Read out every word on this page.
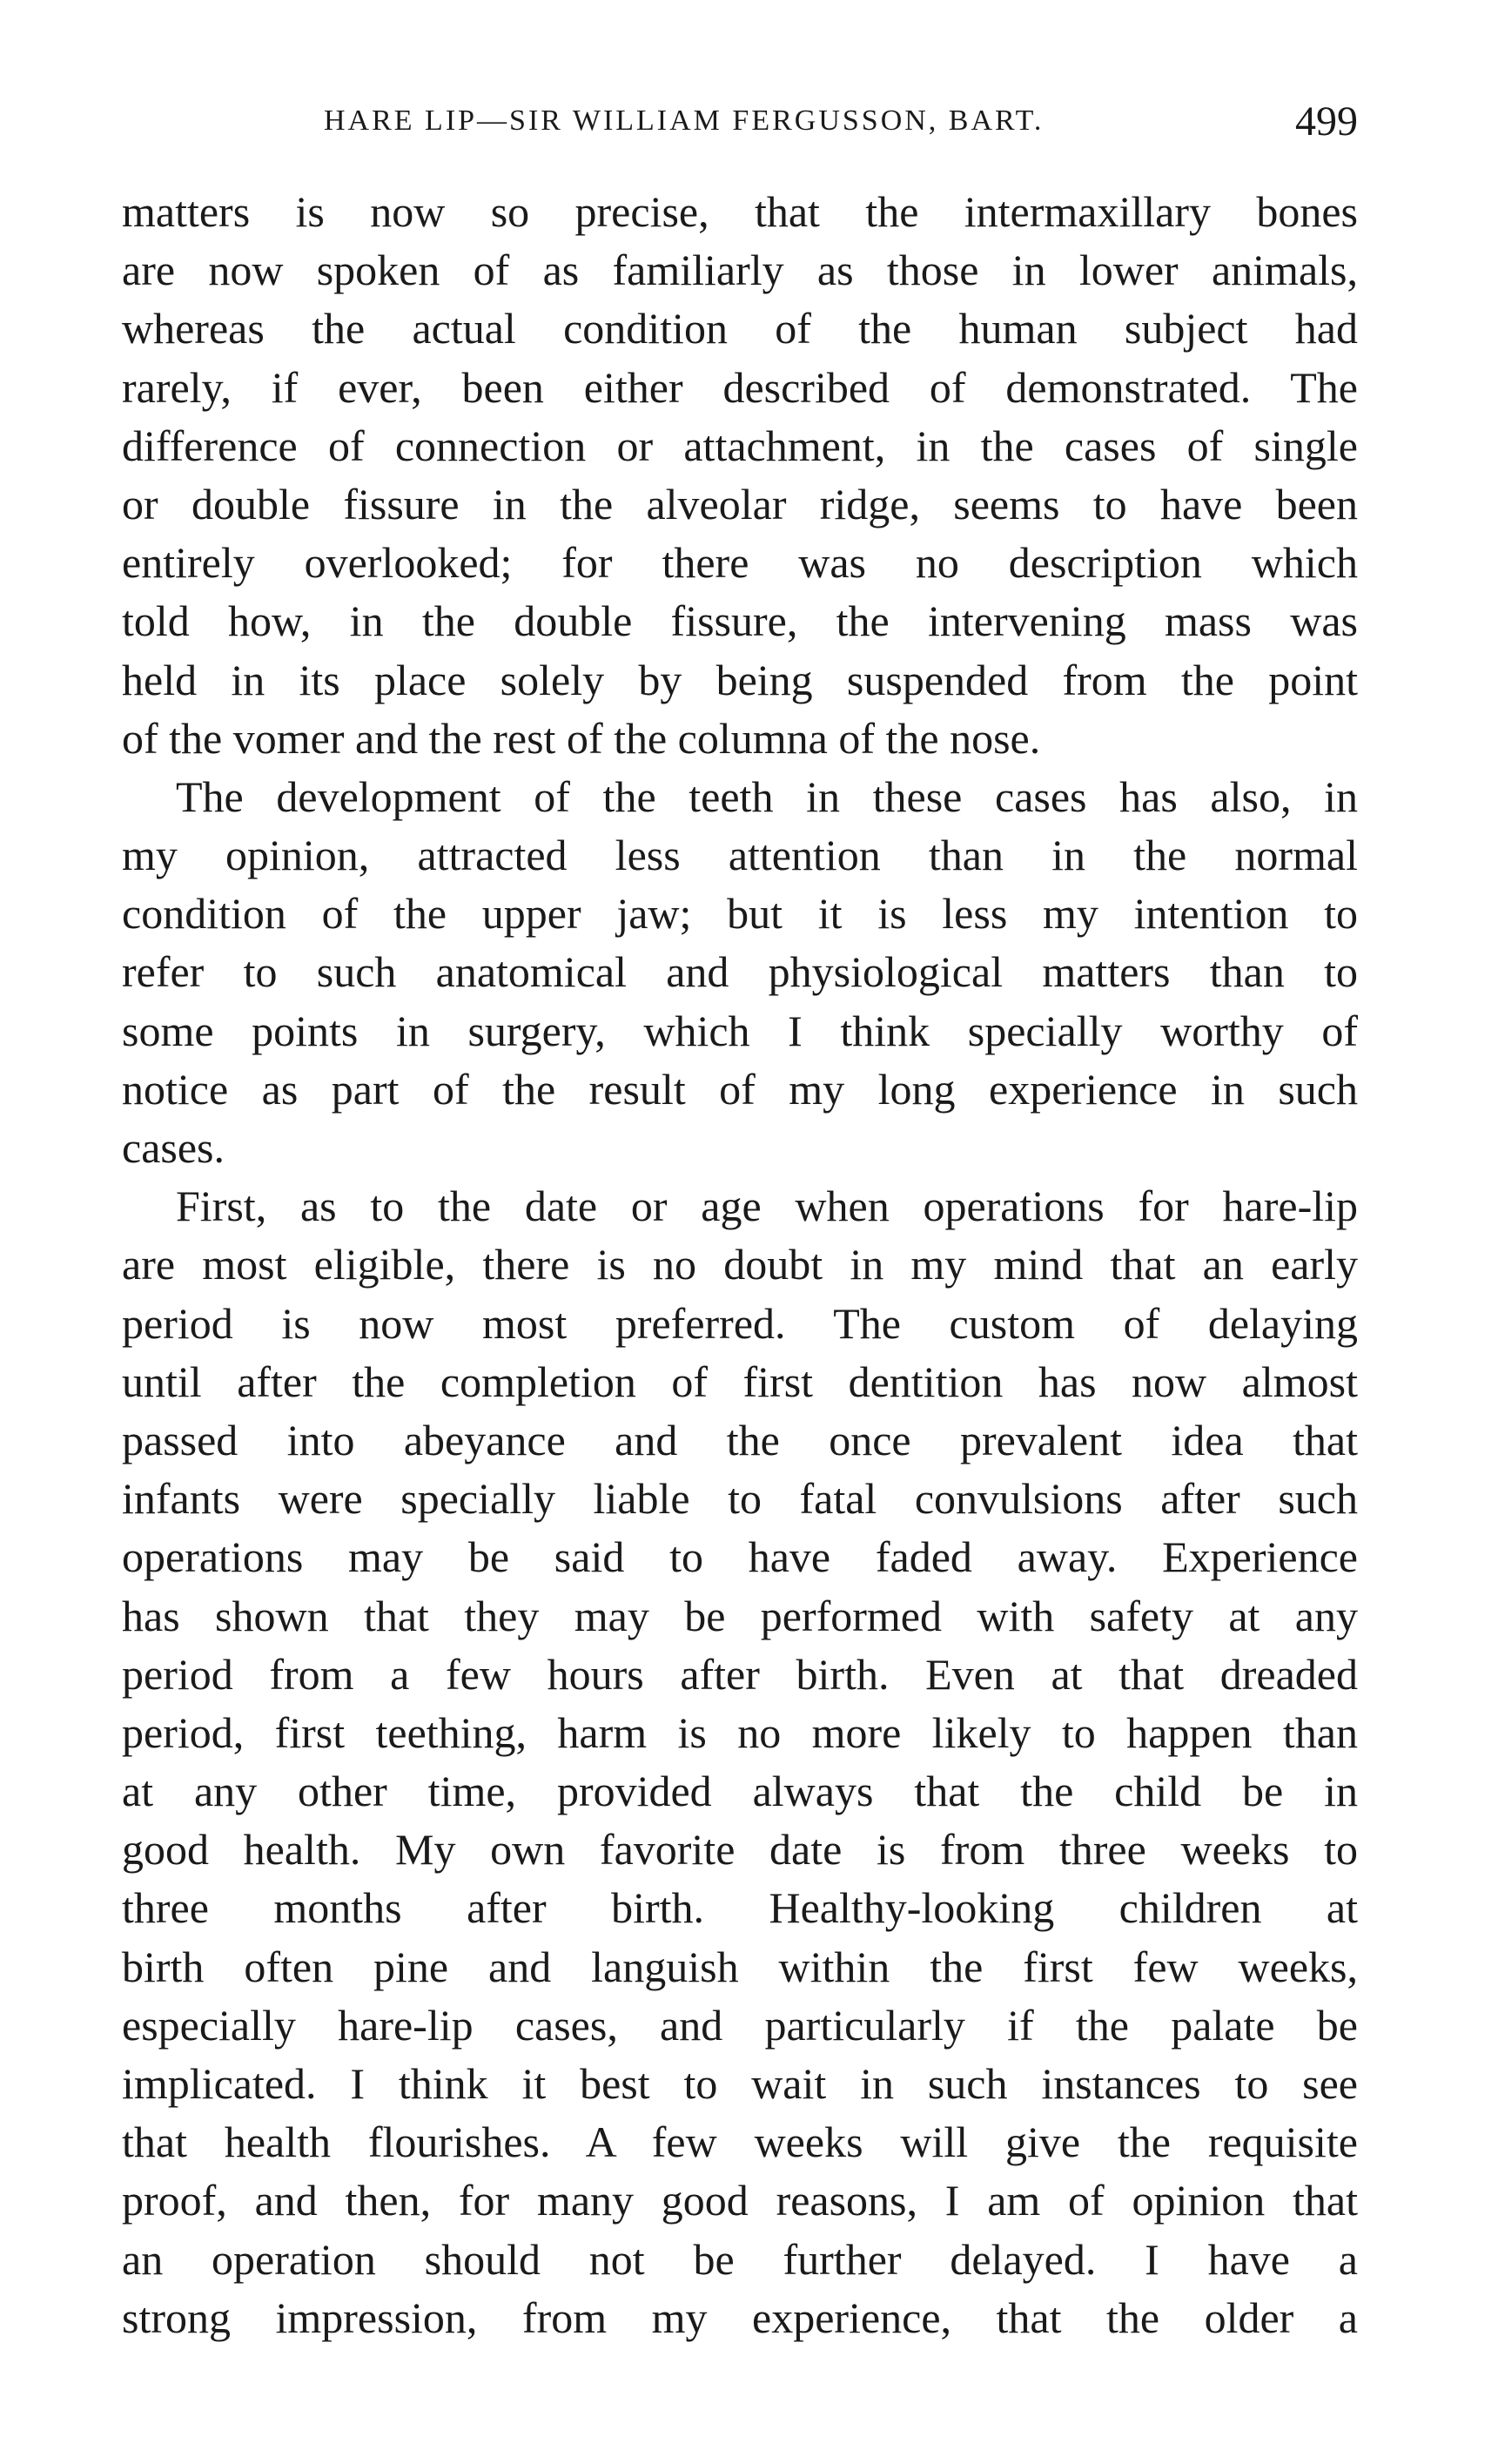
HARE LIP—SIR WILLIAM FERGUSSON, BART.	499
matters is now so precise, that the intermaxillary bones
are now spoken of as familiarly as those in lower animals,
whereas the actual condition of the human subject had
rarely, if ever, been either described of demonstrated. The
difference of connection or attachment, in the cases of single
or double fissure in the alveolar ridge, seems to have been
entirely overlooked; for there was no description which
told how, in the double fissure, the intervening mass was
held in its place solely by being suspended from the point
of the vomer and the rest of the columna of the nose.
The development of the teeth in these cases has also, in
my opinion, attracted less attention than in the normal
condition of the upper jaw; but it is less my intention to
refer to such anatomical and physiological matters than to
some points in surgery, which I think specially worthy of
notice as part of the result of my long experience in such
cases.
First, as to the date or age when operations for hare-lip
are most eligible, there is no doubt in my mind that an early
period is now most preferred. The custom of delaying
until after the completion of first dentition has now almost
passed into abeyance and the once prevalent idea that
infants were specially liable to fatal convulsions after such
operations may be said to have faded away. Experience
has shown that they may be performed with safety at any
period from a few hours after birth. Even at that dreaded
period, first teething, harm is no more likely to happen than
at any other time, provided always that the child be in
good health. My own favorite date is from three weeks to
three months after birth. Healthy-looking children at
birth often pine and languish within the first few weeks,
especially hare-lip cases, and particularly if the palate be
implicated. I think it best to wait in such instances to see
that health flourishes. A few weeks will give the requisite
proof, and then, for many good reasons, I am of opinion that
an operation should not be further delayed. I have a
strong impression, from my experience, that the older a
